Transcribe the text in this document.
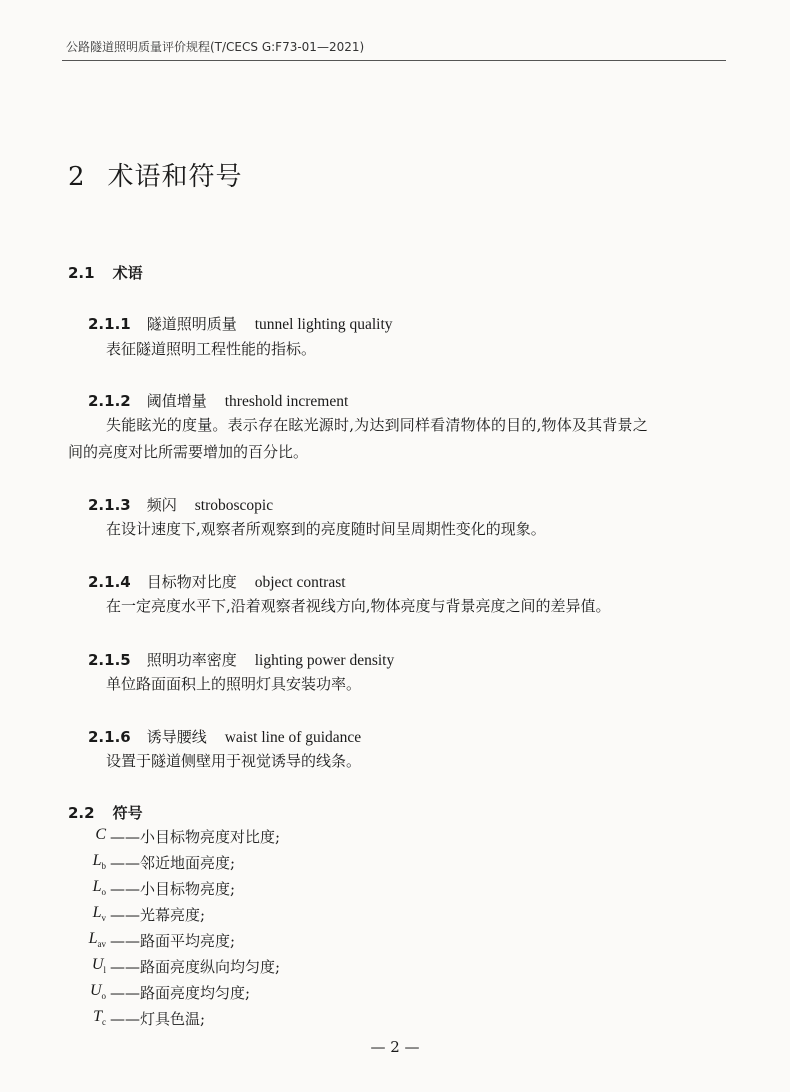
公路隧道照明质量评价规程(T/CECS G:F73-01—2021)
2 术语和符号
2.1 术语
2.1.1 隧道照明质量 tunnel lighting quality
表征隧道照明工程性能的指标。
2.1.2 阈值增量 threshold increment
失能眩光的度量。表示存在眩光源时,为达到同样看清物体的目的,物体及其背景之
间的亮度对比所需要增加的百分比。
2.1.3 频闪 stroboscopic
在设计速度下,观察者所观察到的亮度随时间呈周期性变化的现象。
2.1.4 目标物对比度 object contrast
在一定亮度水平下,沿着观察者视线方向,物体亮度与背景亮度之间的差异值。
2.1.5 照明功率密度 lighting power density
单位路面面积上的照明灯具安装功率。
2.1.6 诱导腰线 waist line of guidance
设置于隧道侧壁用于视觉诱导的线条。
2.2 符号
C ——小目标物亮度对比度;
$L_b$ ——邻近地面亮度;
$L_o$ ——小目标物亮度;
$L_v$ ——光幕亮度;
$L_{av}$ ——路面平均亮度;
$U_l$ ——路面亮度纵向均匀度;
$U_o$ ——路面亮度均匀度;
$T_c$ ——灯具色温;
— 2 —
